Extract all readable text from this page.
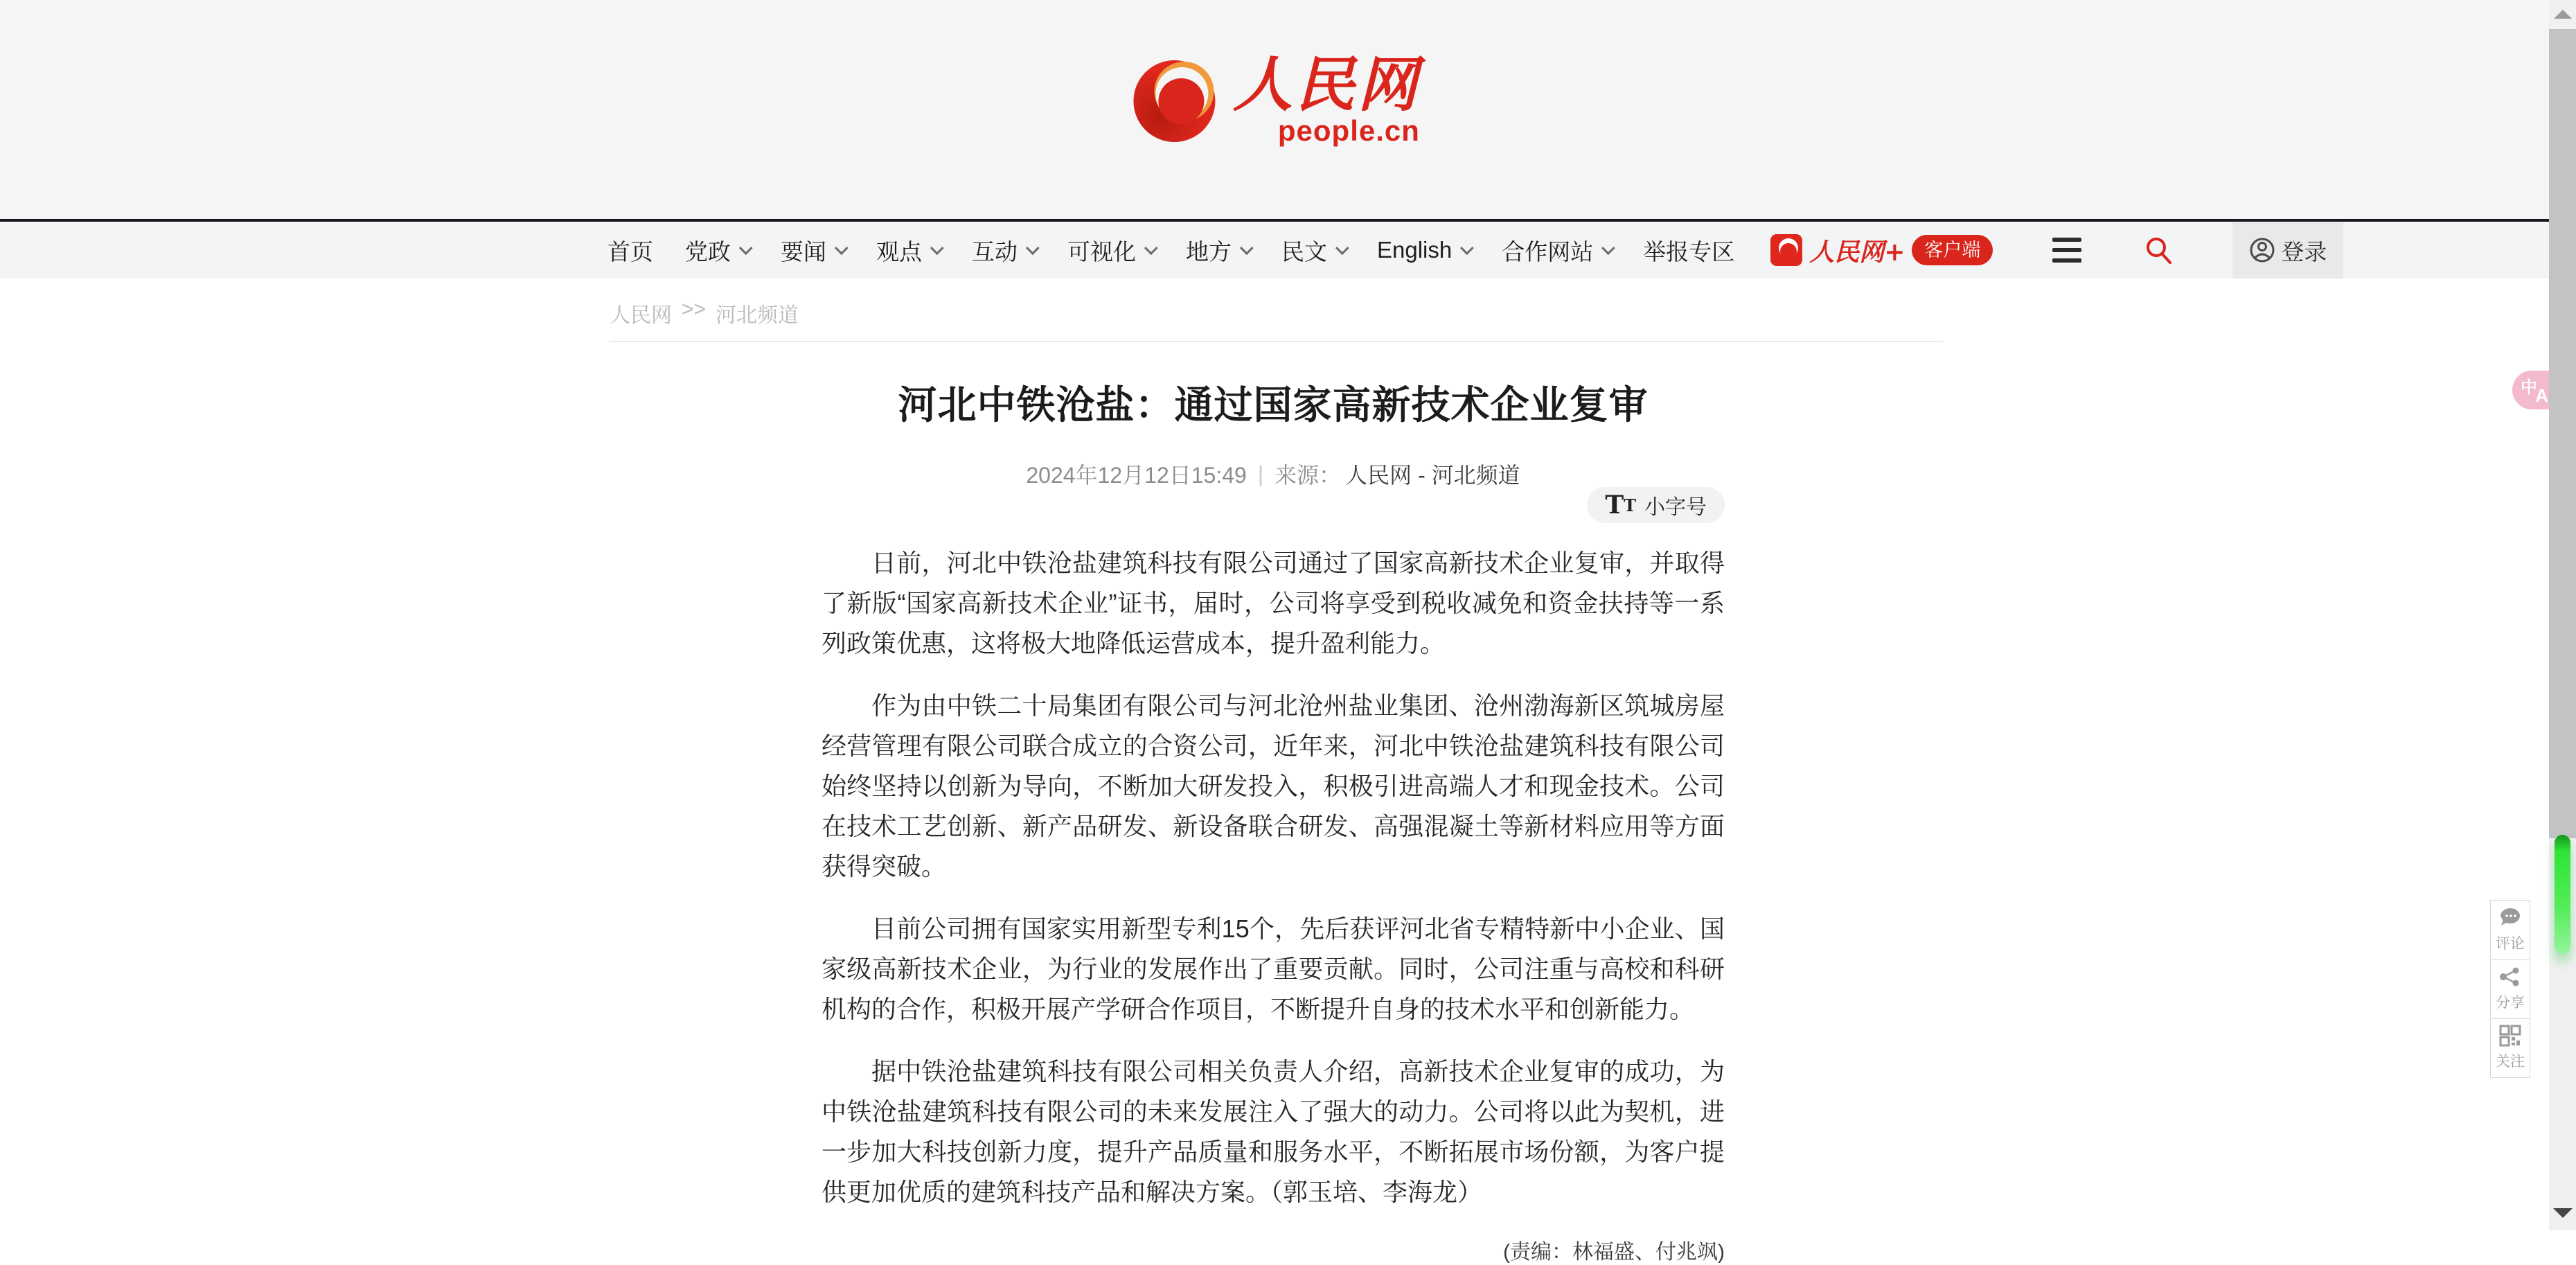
人民网
people.cn
首页 党政 要闻 观点 互动 可视化 地方 民文 English 合作网站 举报专区	人民网+	客户端	登录
人民网 >> 河北频道
河北中铁沧盐：通过国家高新技术企业复审
2024年12月12日15:49 | 来源： 人民网 - 河北频道
T T 小字号

日前，河北中铁沧盐建筑科技有限公司通过了国家高新技术企业复审，并取得了新版“国家高新技术企业”证书，届时，公司将享受到税收减免和资金扶持等一系列政策优惠，这将极大地降低运营成本，提升盈利能力。

作为由中铁二十局集团有限公司与河北沧州盐业集团、沧州渤海新区筑城房屋经营管理有限公司联合成立的合资公司，近年来，河北中铁沧盐建筑科技有限公司始终坚持以创新为导向，不断加大研发投入，积极引进高端人才和现金技术。公司在技术工艺创新、新产品研发、新设备联合研发、高强混凝土等新材料应用等方面获得突破。

目前公司拥有国家实用新型专利15个，先后获评河北省专精特新中小企业、国家级高新技术企业，为行业的发展作出了重要贡献。同时，公司注重与高校和科研机构的合作，积极开展产学研合作项目，不断提升自身的技术水平和创新能力。

据中铁沧盐建筑科技有限公司相关负责人介绍，高新技术企业复审的成功，为中铁沧盐建筑科技有限公司的未来发展注入了强大的动力。公司将以此为契机，进一步加大科技创新力度，提升产品质量和服务水平，不断拓展市场份额，为客户提供更加优质的建筑科技产品和解决方案。（郭玉培、李海龙）

(责编：林福盛、付兆飒)
评论
分享
关注
中
A
